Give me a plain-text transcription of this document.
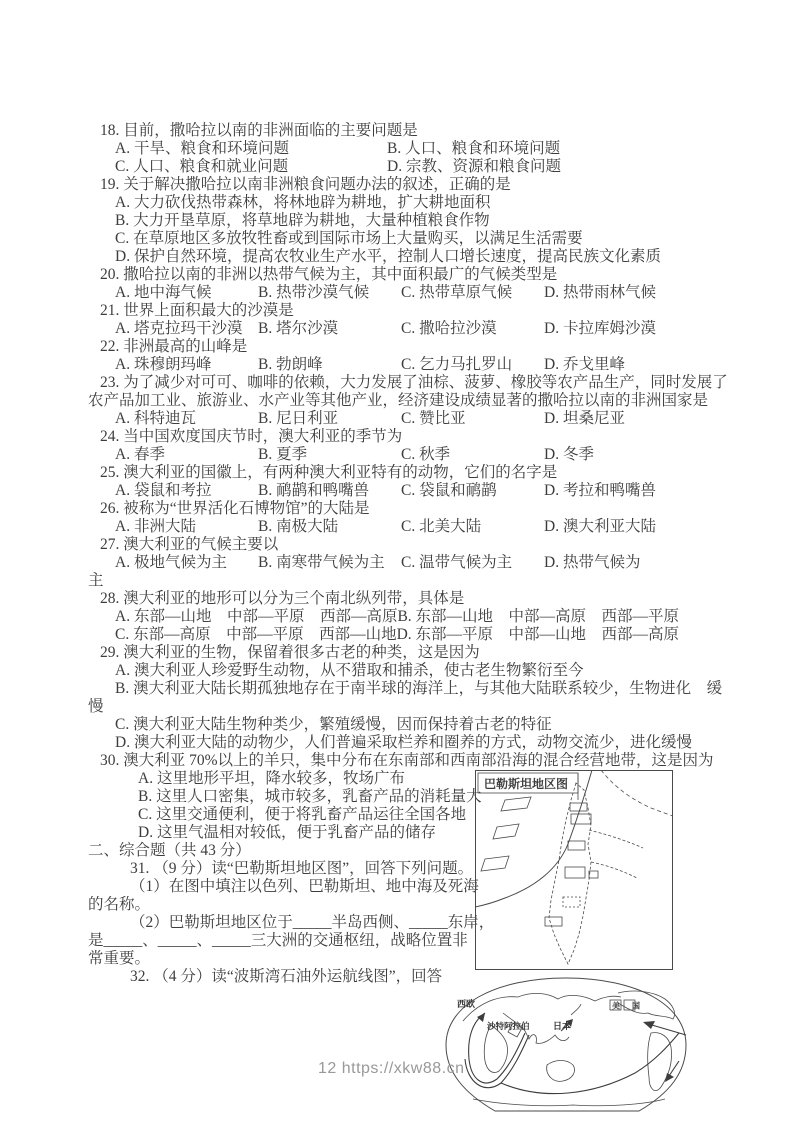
18. 目前，撒哈拉以南的非洲面临的主要问题是
A. 干旱、粮食和环境问题	B. 人口、粮食和环境问题
C. 人口、粮食和就业问题	D. 宗教、资源和粮食问题
19. 关于解决撒哈拉以南非洲粮食问题办法的叙述，正确的是
A. 大力砍伐热带森林，将林地辟为耕地，扩大耕地面积
B. 大力开垦草原，将草地辟为耕地，大量种植粮食作物
C. 在草原地区多放牧牲畜或到国际市场上大量购买，以满足生活需要
D. 保护自然环境，提高农牧业生产水平，控制人口增长速度，提高民族文化素质
20. 撒哈拉以南的非洲以热带气候为主，其中面积最广的气候类型是
A. 地中海气候	B. 热带沙漠气候	C. 热带草原气候	D. 热带雨林气候
21. 世界上面积最大的沙漠是
A. 塔克拉玛干沙漠	B. 塔尔沙漠	C. 撒哈拉沙漠	D. 卡拉库姆沙漠
22. 非洲最高的山峰是
A. 珠穆朗玛峰	B. 勃朗峰	C. 乞力马扎罗山	D. 乔戈里峰
23. 为了减少对可可、咖啡的依赖，大力发展了油棕、菠萝、橡胶等农产品生产，同时发展了
农产品加工业、旅游业、水产业等其他产业，经济建设成绩显著的撒哈拉以南的非洲国家是
A. 科特迪瓦	B. 尼日利亚	C. 赞比亚	D. 坦桑尼亚
24. 当中国欢度国庆节时，澳大利亚的季节为
A. 春季	B. 夏季	C. 秋季	D. 冬季
25. 澳大利亚的国徽上，有两种澳大利亚特有的动物，它们的名字是
A. 袋鼠和考拉	B. 鸸鹋和鸭嘴兽	C. 袋鼠和鸸鹋	D. 考拉和鸭嘴兽
26. 被称为“世界活化石博物馆”的大陆是
A. 非洲大陆	B. 南极大陆	C. 北美大陆	D. 澳大利亚大陆
27. 澳大利亚的气候主要以
A. 极地气候为主	B. 南寒带气候为主	C. 温带气候为主	D. 热带气候为
主
28. 澳大利亚的地形可以分为三个南北纵列带，具体是
A. 东部—山地　中部—平原　西部—高原 B. 东部—山地　中部—高原　西部—平原
C. 东部—高原　中部—平原　西部—山地 D. 东部—平原　中部—山地　西部—高原
29. 澳大利亚的生物，保留着很多古老的种类，这是因为
A. 澳大利亚人珍爱野生动物，从不猎取和捕杀，使古老生物繁衍至今
B. 澳大利亚大陆长期孤独地存在于南半球的海洋上，与其他大陆联系较少，生物进化　缓
慢
C. 澳大利亚大陆生物种类少，繁殖缓慢，因而保持着古老的特征
D. 澳大利亚大陆的动物少，人们普遍采取栏养和圈养的方式，动物交流少，进化缓慢
30. 澳大利亚 70%以上的羊只，集中分布在东南部和西南部沿海的混合经营地带，这是因为
A. 这里地形平坦，降水较多，牧场广布
B. 这里人口密集，城市较多，乳畜产品的消耗量大
C. 这里交通便利，便于将乳畜产品运往全国各地
D. 这里气温相对较低，便于乳畜产品的储存
二、综合题（共 43 分）
31. （9 分）读“巴勒斯坦地区图”，回答下列问题。
（1）在图中填注以色列、巴勒斯坦、地中海及死海
的名称。
（2）巴勒斯坦地区位于_____半岛西侧、_____东岸，
是_____、_____、_____三大洲的交通枢纽，战略位置非
常重要。
32. （4 分）读“波斯湾石油外运航线图”，回答
巴勒斯坦地区图
西欧
沙特阿拉伯	日本
美 国
12 https://xkw88.cn
